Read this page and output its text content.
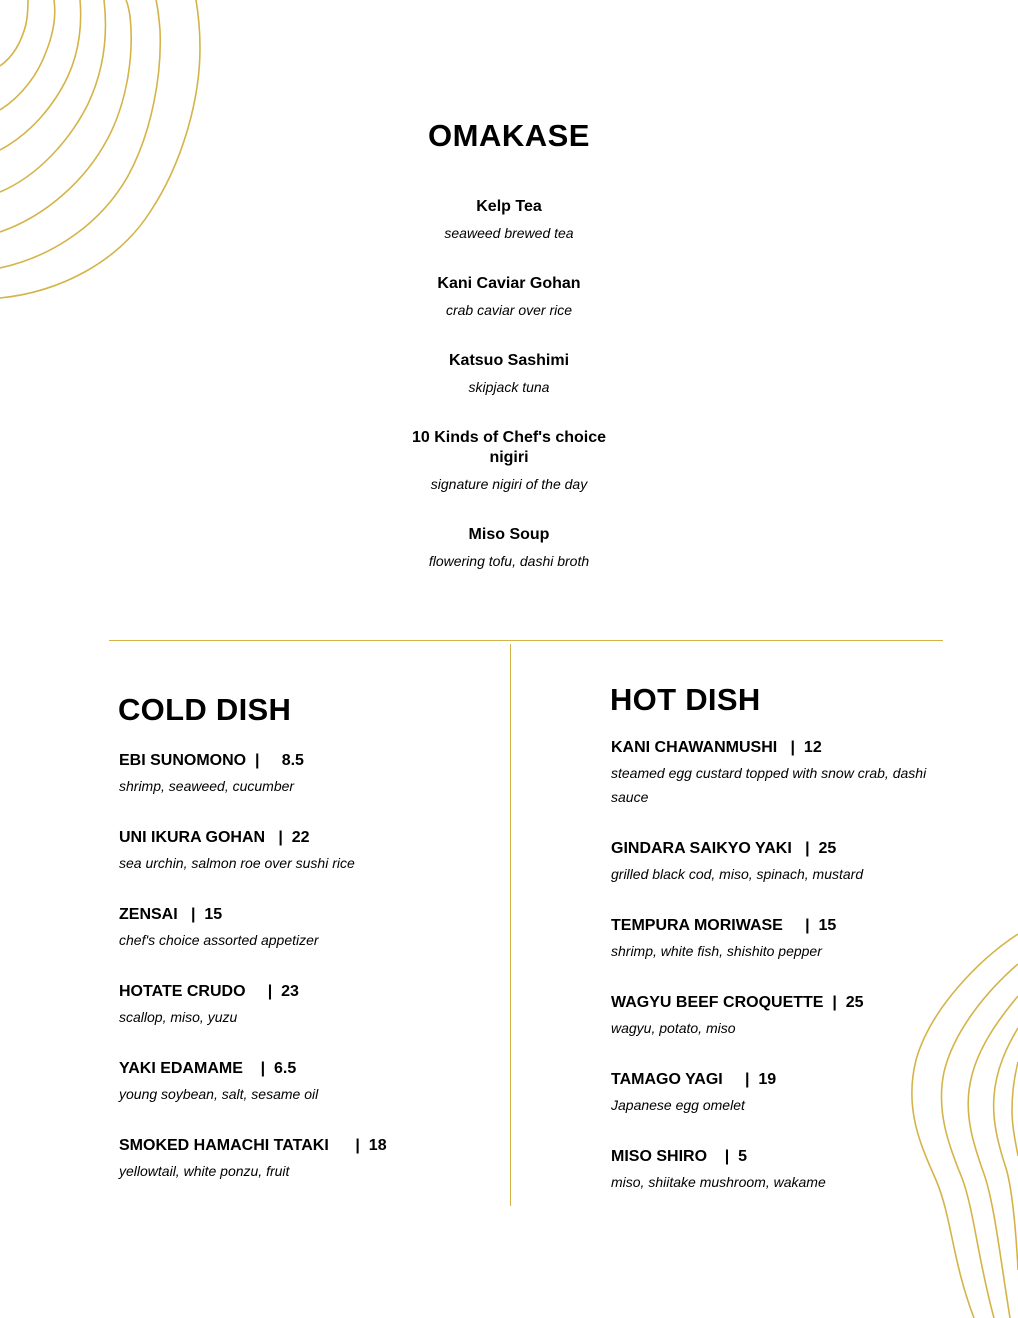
OMAKASE
Kelp Tea
seaweed brewed tea
Kani Caviar Gohan
crab caviar over rice
Katsuo Sashimi
skipjack tuna
10 Kinds of Chef's choice nigiri
signature nigiri of the day
Miso Soup
flowering tofu, dashi broth
COLD DISH
EBI SUNOMONO  |     8.5
shrimp, seaweed, cucumber
UNI IKURA GOHAN   |  22
sea urchin, salmon roe over sushi rice
ZENSAI   |  15
chef's choice assorted appetizer
HOTATE CRUDO     |  23
scallop, miso, yuzu
YAKI EDAMAME    |  6.5
young soybean, salt, sesame oil
SMOKED HAMACHI TATAKI      |  18
yellowtail, white ponzu, fruit
HOT DISH
KANI CHAWANMUSHI   |  12
steamed egg custard topped with snow crab, dashi sauce
GINDARA SAIKYO YAKI   |  25
grilled black cod, miso, spinach, mustard
TEMPURA MORIWASE     |  15
shrimp, white fish, shishito pepper
WAGYU BEEF CROQUETTE  |  25
wagyu, potato, miso
TAMAGO YAGI     |  19
Japanese egg omelet
MISO SHIRO    |  5
miso, shiitake mushroom, wakame
